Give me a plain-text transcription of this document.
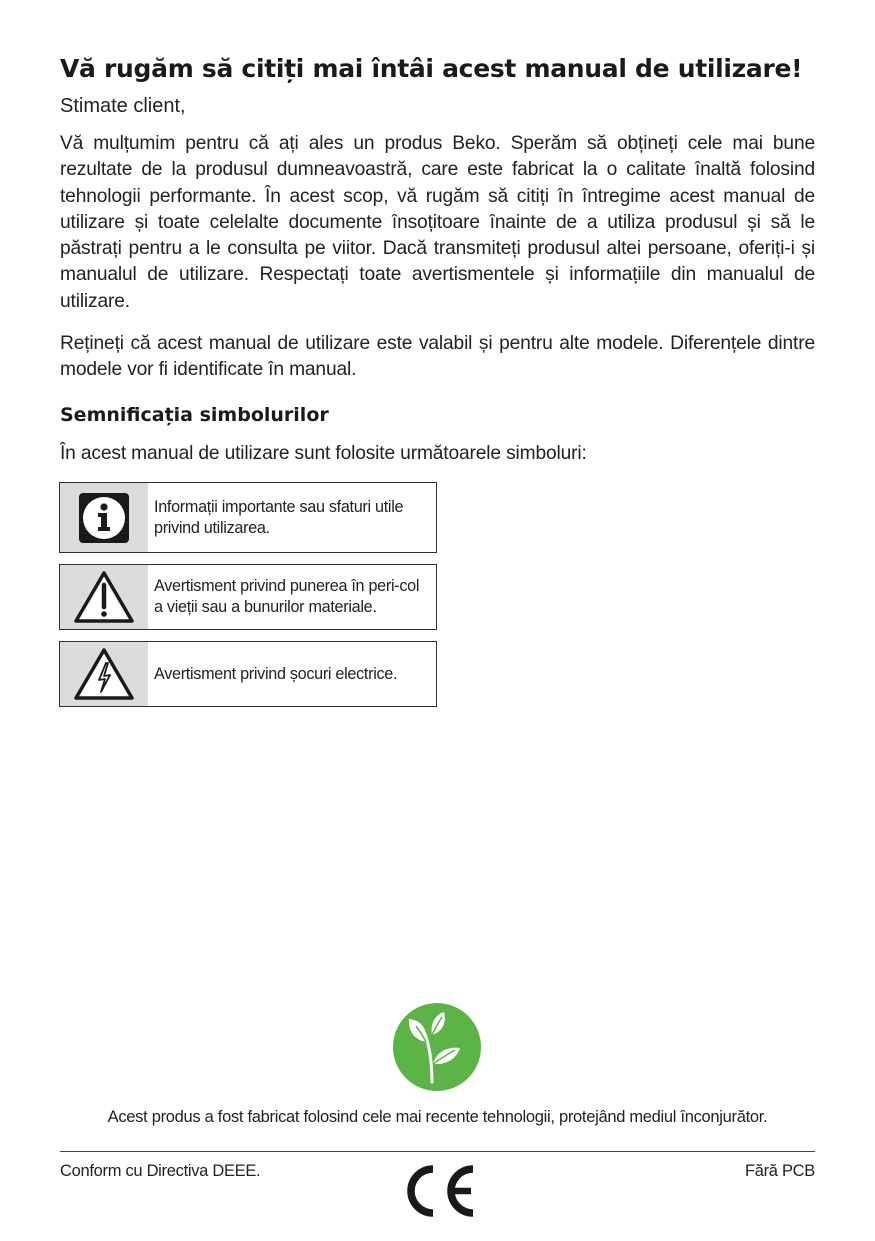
Vă rugăm să citiți mai întâi acest manual de utilizare!

Stimate client,

Vă mulțumim pentru că ați ales un produs Beko. Sperăm să obțineți cele mai bune rezultate de la produsul dumneavoastră, care este fabricat la o calitate înaltă folosind tehnologii performante. În acest scop, vă rugăm să citiți în întregime acest manual de utilizare și toate celelalte documente însoțitoare înainte de a utiliza produsul și să le păstrați pentru a le consulta pe viitor. Dacă transmiteți produsul altei persoane, oferiți-i și manualul de utilizare. Respectați toate avertismentele și informațiile din manualul de utilizare.

Rețineți că acest manual de utilizare este valabil și pentru alte modele. Diferențele dintre modele vor fi identificate în manual.

Semnificația simbolurilor

În acest manual de utilizare sunt folosite următoarele simboluri:

Informații importante sau sfaturi utile privind utilizarea.
Avertisment privind punerea în peri-col a vieții sau a bunurilor materiale.
Avertisment privind șocuri electrice.

Acest produs a fost fabricat folosind cele mai recente tehnologii, protejând mediul înconjurător.

Conform cu Directiva DEEE.	Fără PCB
